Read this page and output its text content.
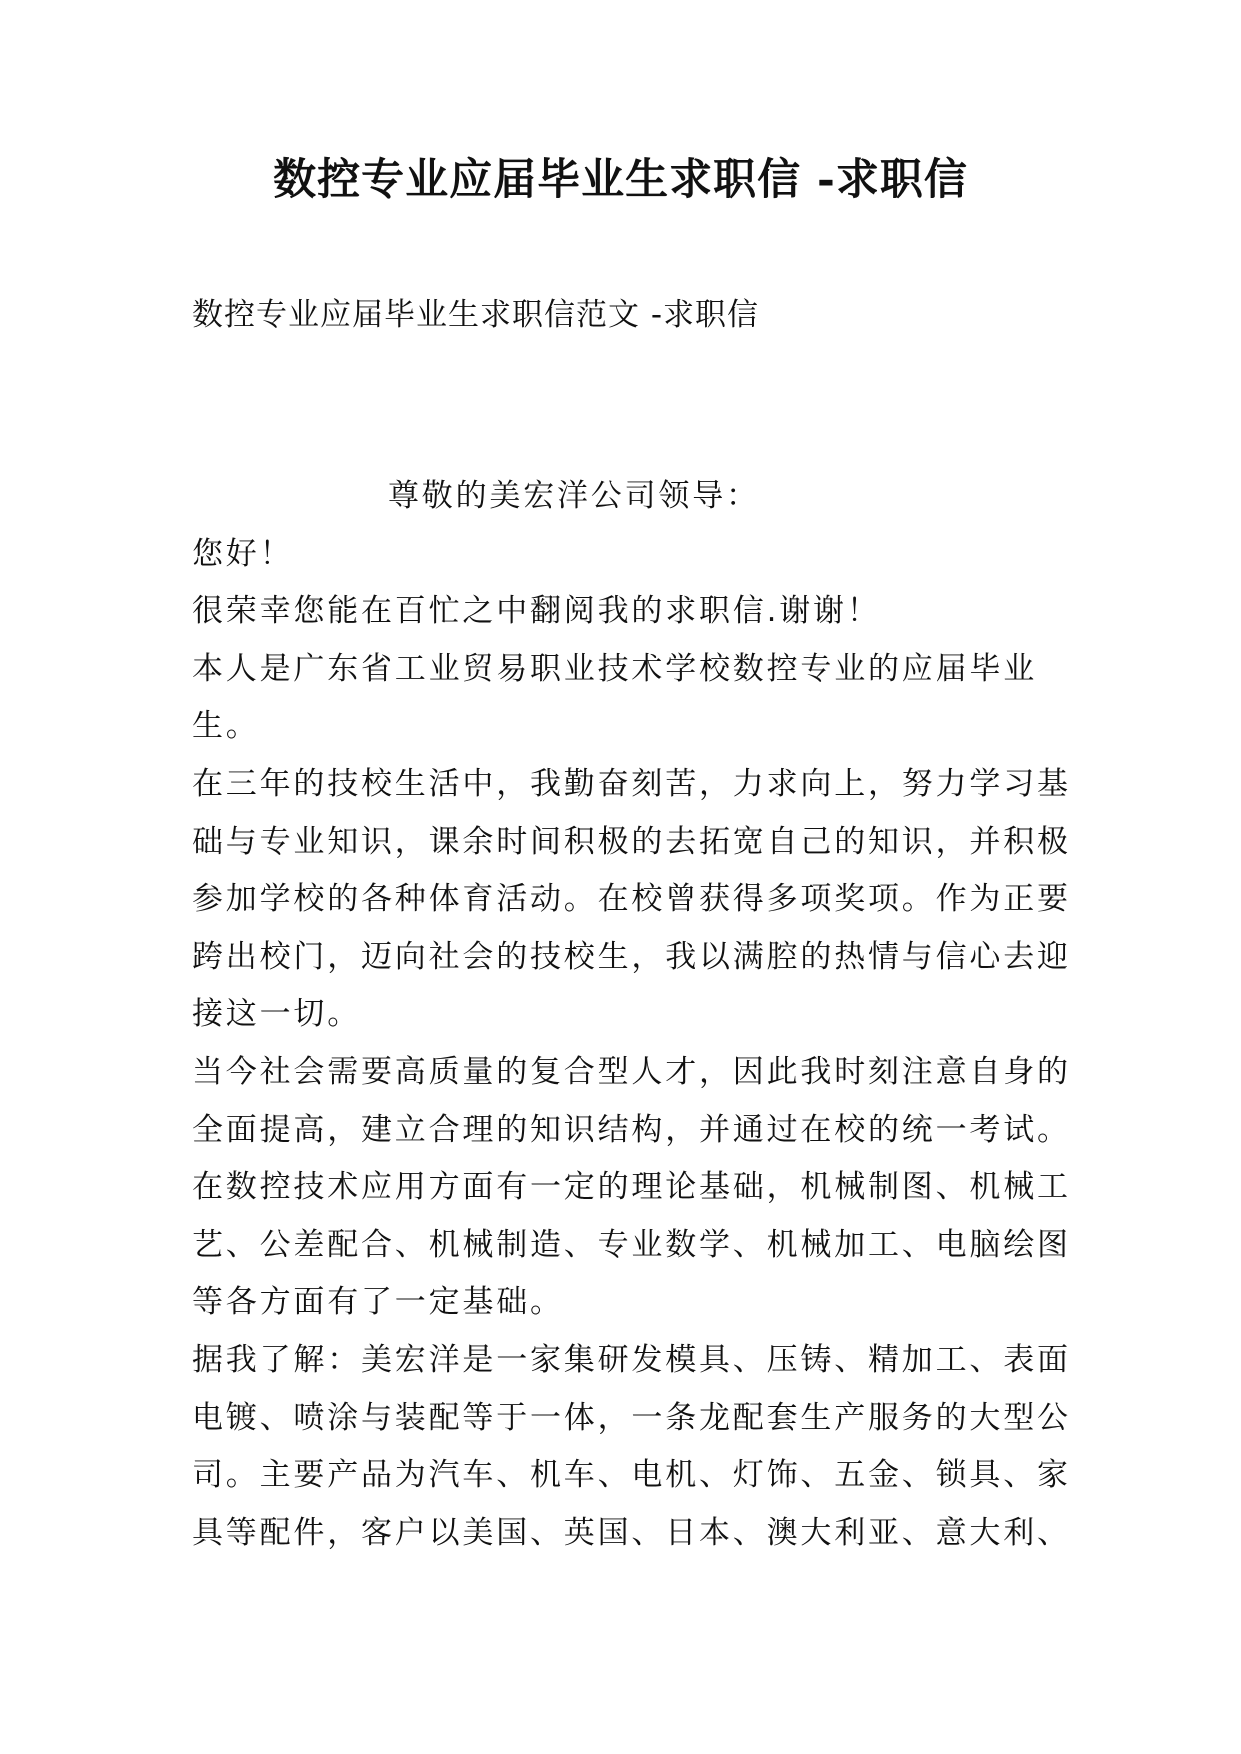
数控专业应届毕业生求职信 -求职信
数控专业应届毕业生求职信范文 -求职信
尊敬的美宏洋公司领导：
您好！
很荣幸您能在百忙之中翻阅我的求职信.谢谢！
本人是广东省工业贸易职业技术学校数控专业的应届毕业
生。
在三年的技校生活中，我勤奋刻苦，力求向上，努力学习基
础与专业知识，课余时间积极的去拓宽自己的知识，并积极
参加学校的各种体育活动。在校曾获得多项奖项。作为正要
跨出校门，迈向社会的技校生，我以满腔的热情与信心去迎
接这一切。
当今社会需要高质量的复合型人才，因此我时刻注意自身的
全面提高，建立合理的知识结构，并通过在校的统一考试。
在数控技术应用方面有一定的理论基础，机械制图、机械工
艺、公差配合、机械制造、专业数学、机械加工、电脑绘图
等各方面有了一定基础。
据我了解：美宏洋是一家集研发模具、压铸、精加工、表面
电镀、喷涂与装配等于一体，一条龙配套生产服务的大型公
司。主要产品为汽车、机车、电机、灯饰、五金、锁具、家
具等配件，客户以美国、英国、日本、澳大利亚、意大利、
